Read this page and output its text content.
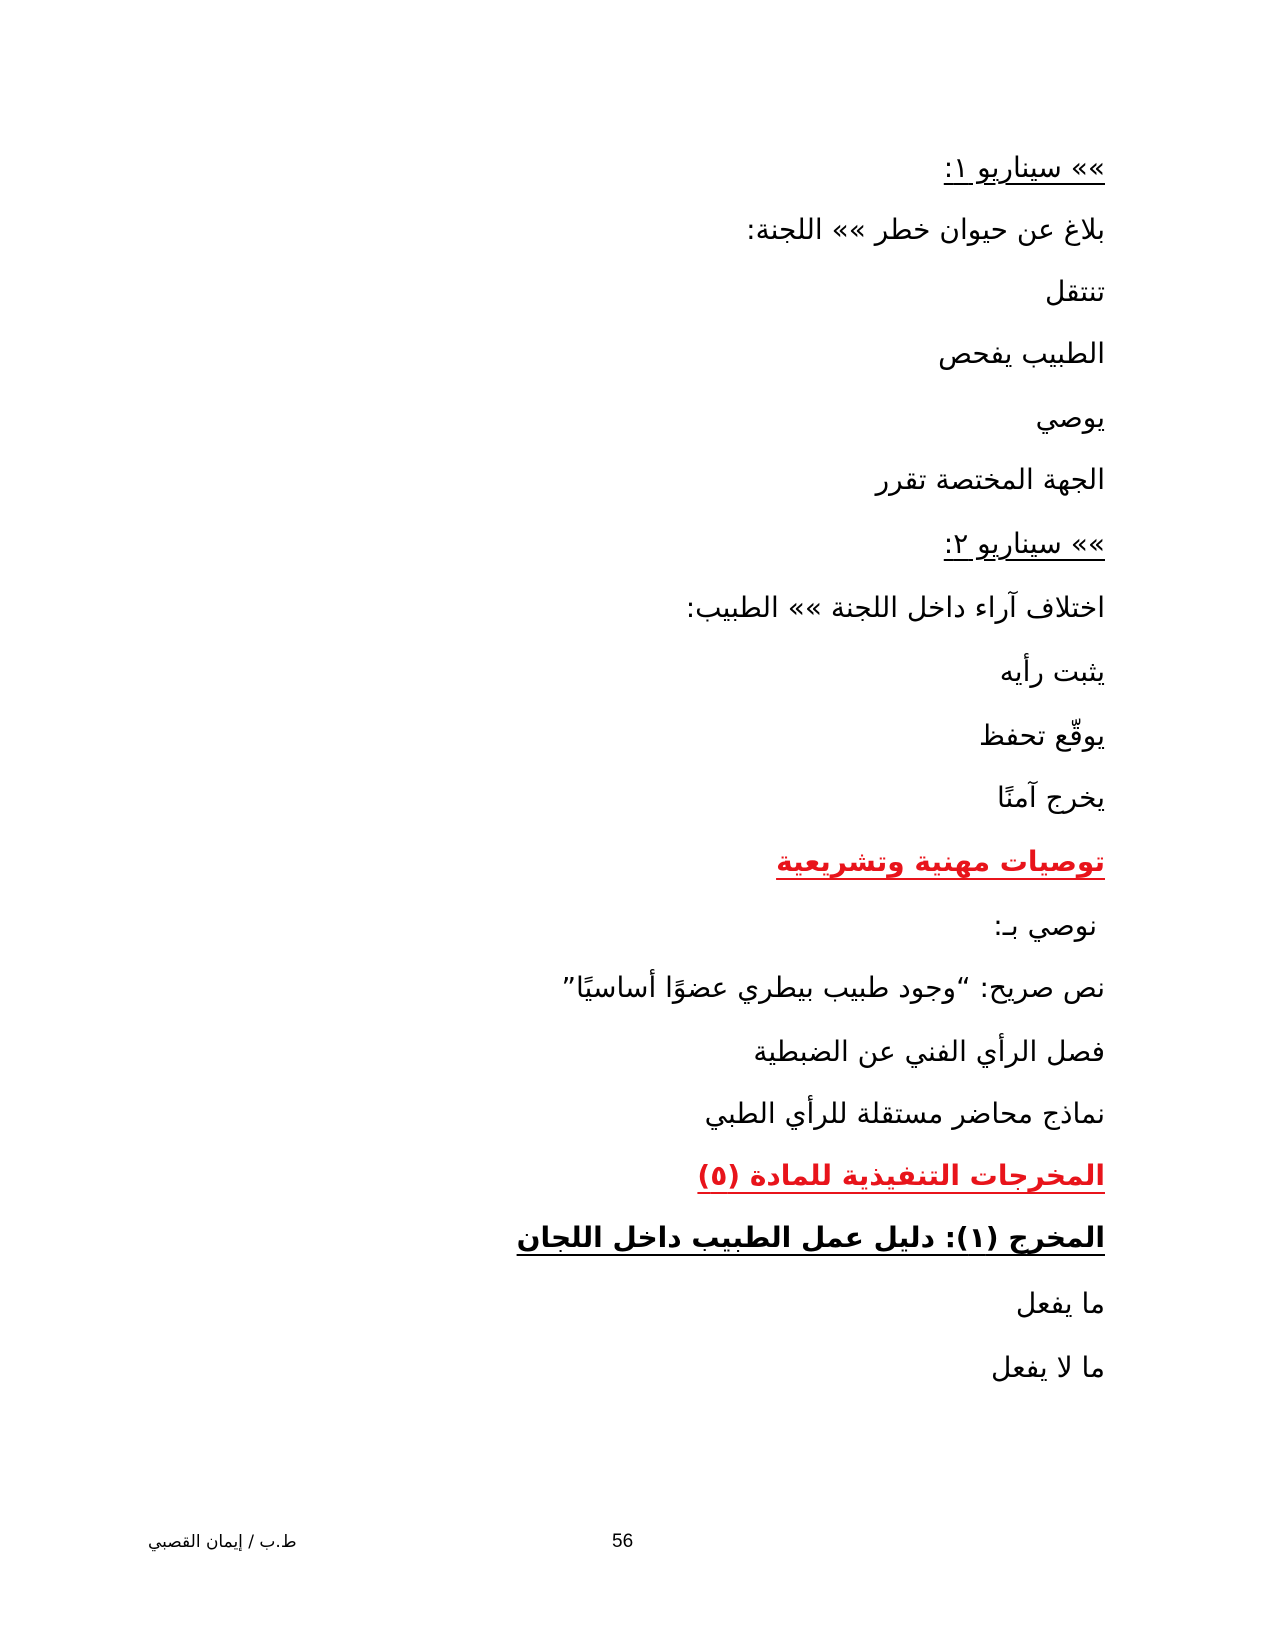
»» سيناريو ١:
بلاغ عن حيوان خطر »» اللجنة:
تنتقل
الطبيب يفحص
يوصي
الجهة المختصة تقرر
»» سيناريو ٢:
اختلاف آراء داخل اللجنة »» الطبيب:
يثبت رأيه
يوقّع تحفظ
يخرج آمنًا
توصيات مهنية وتشريعية
نوصي بـ:
نص صريح: “وجود طبيب بيطري عضوًا أساسيًا”
فصل الرأي الفني عن الضبطية
نماذج محاضر مستقلة للرأي الطبي
المخرجات التنفيذية للمادة (٥)
المخرج (١): دليل عمل الطبيب داخل اللجان
ما يفعل
ما لا يفعل
ط.ب / إيمان القصبي	56
